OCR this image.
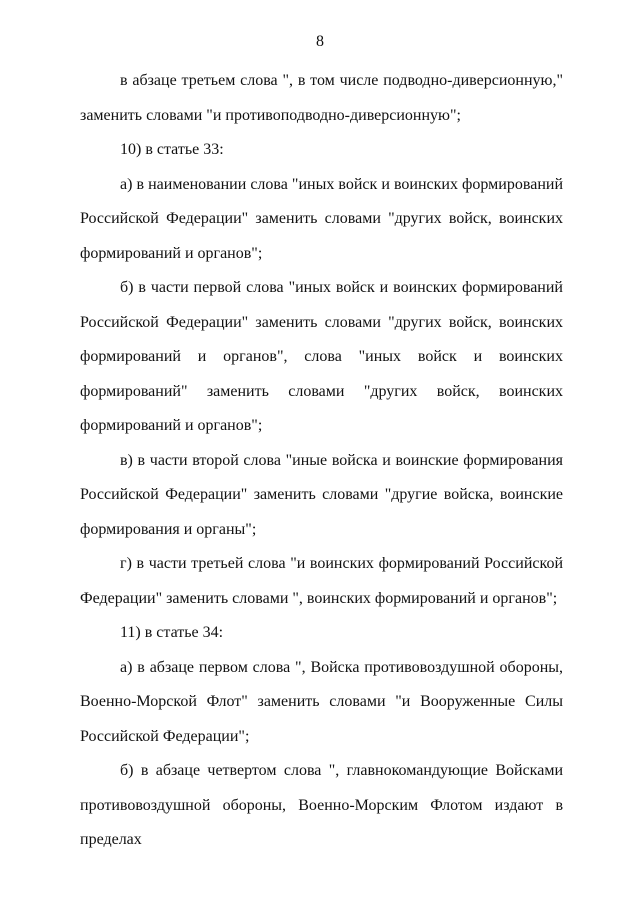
8

в абзаце третьем слова ", в том числе подводно-диверсионную," заменить словами "и противоподводно-диверсионную";

10) в статье 33:

а) в наименовании слова "иных войск и воинских формирований Российской Федерации" заменить словами "других войск, воинских формирований и органов";

б) в части первой слова "иных войск и воинских формирований Российской Федерации" заменить словами "других войск, воинских формирований и органов", слова "иных войск и воинских формирований" заменить словами "других войск, воинских формирований и органов";

в) в части второй слова "иные войска и воинские формирования Российской Федерации" заменить словами "другие войска, воинские формирования и органы";

г) в части третьей слова "и воинских формирований Российской Федерации" заменить словами ", воинских формирований и органов";

11) в статье 34:

а) в абзаце первом слова ", Войска противовоздушной обороны, Военно-Морской Флот" заменить словами "и Вооруженные Силы Российской Федерации";

б) в абзаце четвертом слова ", главнокомандующие Войсками противовоздушной обороны, Военно-Морским Флотом издают в пределах
